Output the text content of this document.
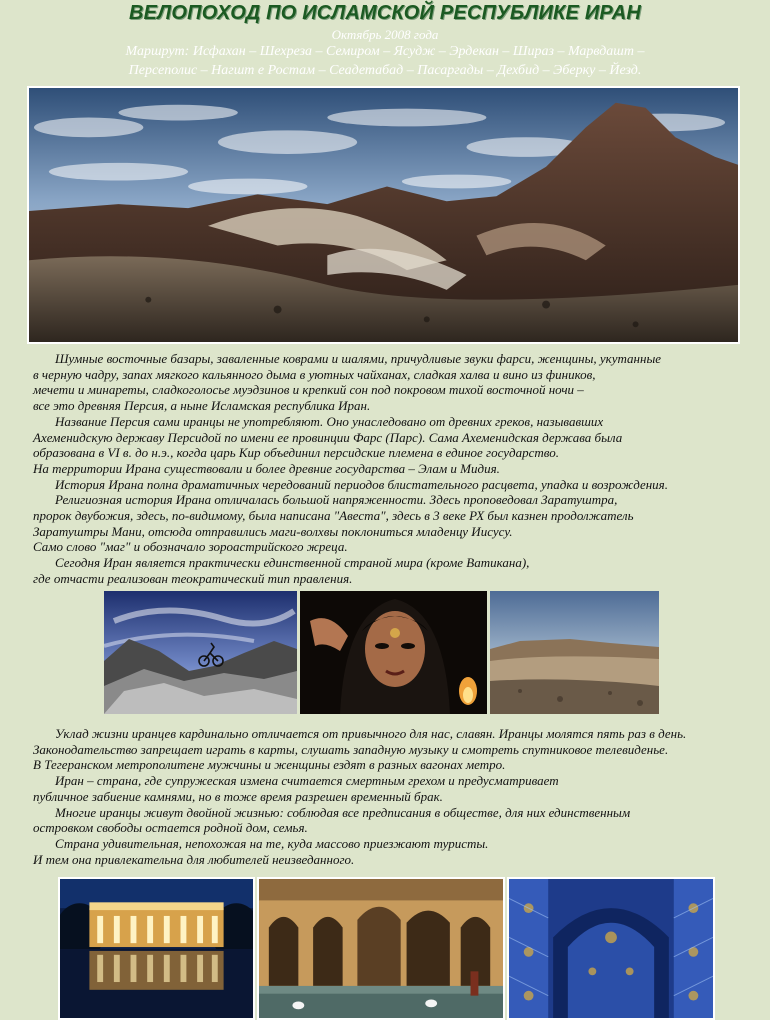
ВЕЛОПОХОД ПО ИСЛАМСКОЙ РЕСПУБЛИКЕ ИРАН
Октябрь 2008 года
Маршрут: Исфахан – Шехреза – Семиром – Ясудж – Эрдекан – Шираз – Марвдашт –
Персеполис – Нагшт е Ростам – Сеадетабад – Пасаргады – Дехбид – Эберку – Йезд.
Шумные восточные базары, заваленные коврами и шалями, причудливые звуки фарси, женщины, укутанные
в черную чадру, запах мягкого кальянного дыма в уютных чайханах, сладкая халва и вино из фиников,
мечети и минареты, сладкоголосье муэдзинов и крепкий сон под покровом тихой восточной ночи –
все это древняя Персия, а ныне Исламская республика Иран.
Название Персия сами иранцы не употребляют. Оно унаследовано от древних греков, называвших
Ахеменидскую державу Персидой по имени ее провинции Фарс (Парс). Сама Ахеменидская держава была
образована в VI в. до н.э., когда царь Кир объединил персидские племена в единое государство.
На территории Ирана существовали и более древние государства – Элам и Мидия.
История Ирана полна драматичных чередований периодов блистательного расцвета, упадка и возрождения.
Религиозная история Ирана отличалась большой напряженности. Здесь проповедовал Заратуштра,
пророк двубожия, здесь, по-видимому, была написана "Авеста", здесь в 3 веке РХ был казнен продолжатель
Заратуштры Мани, отсюда отправились маги-волхвы поклониться младенцу Иисусу.
Само слово "маг" и обозначало зороастрийского жреца.
Сегодня Иран является практически единственной страной мира (кроме Ватикана),
где отчасти реализован теократический тип правления.
Уклад жизни иранцев кардинально отличается от привычного для нас, славян. Иранцы молятся пять раз в день.
Законодательство запрещает играть в карты, слушать западную музыку и смотреть спутниковое телевиденье.
В Тегеранском метрополитене мужчины и женщины ездят в разных вагонах метро.
Иран – страна, где супружеская измена считается смертным грехом и предусматривает
публичное забиение камнями, но в тоже время разрешен временный брак.
Многие иранцы живут двойной жизнью: соблюдая все предписания в обществе, для них единственным
островком свободы остается родной дом, семья.
Страна удивительная, непохожая на те, куда массово приезжают туристы.
И тем она привлекательна для любителей неизведанного.
